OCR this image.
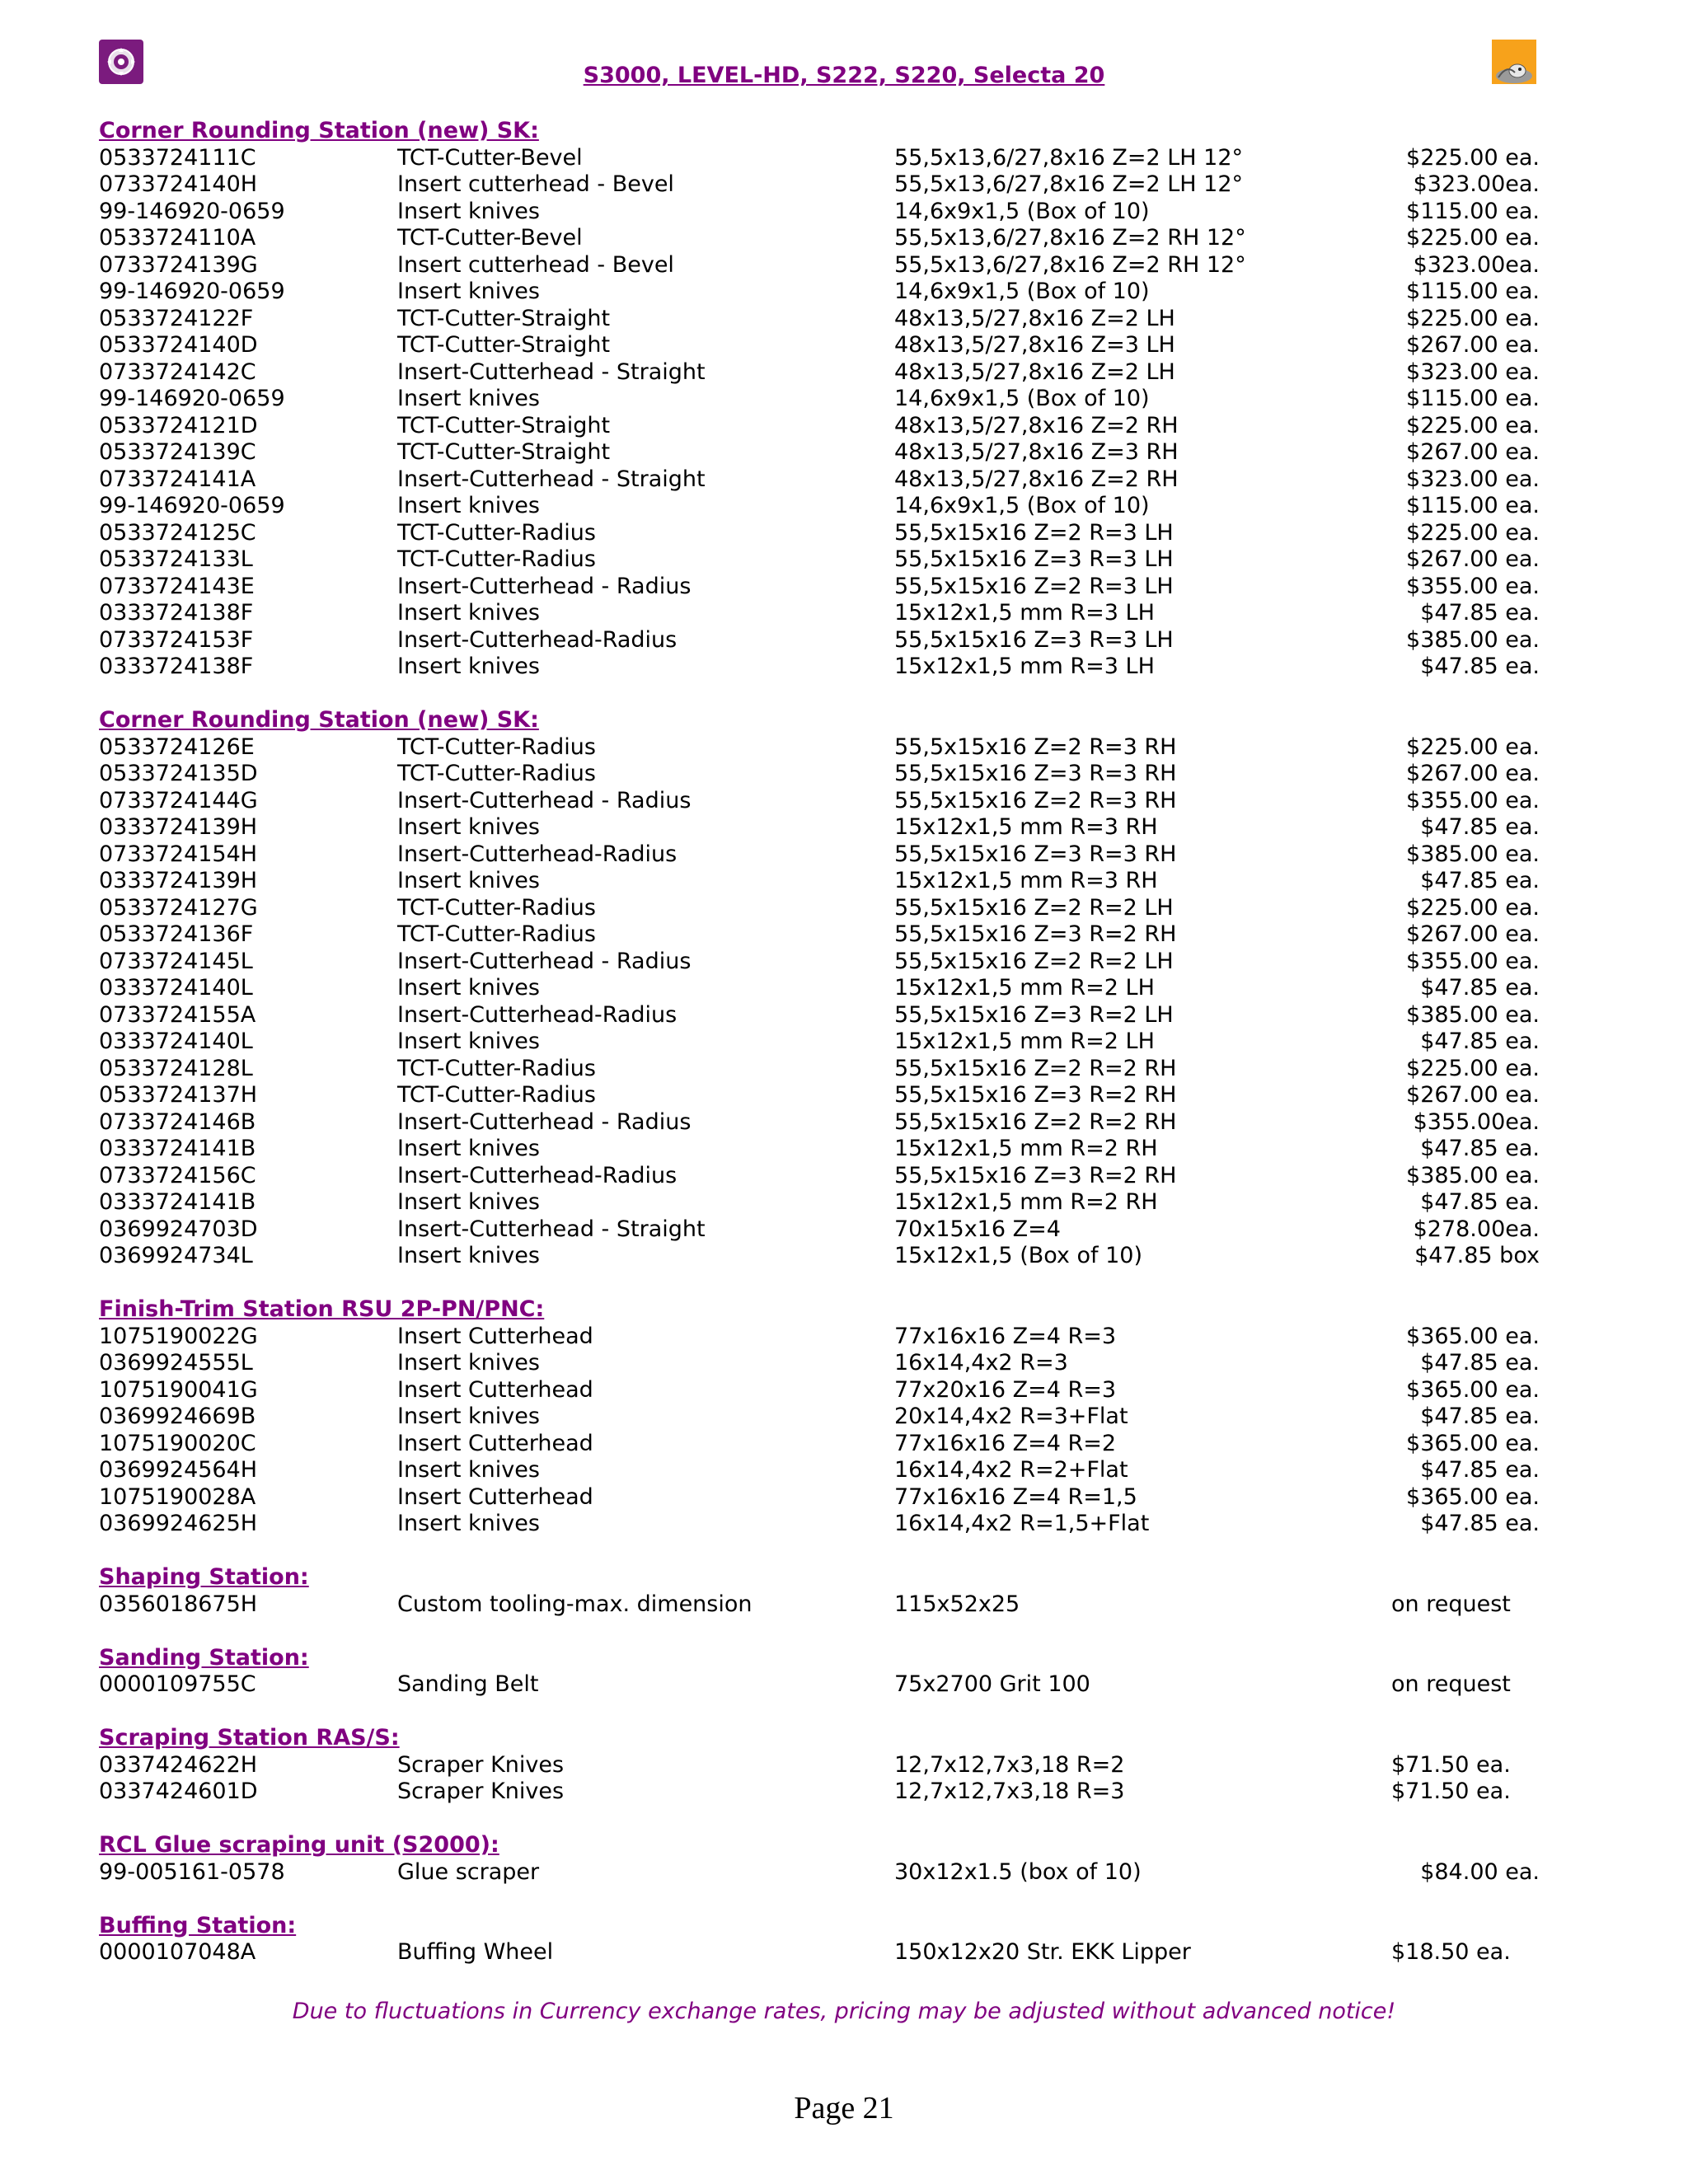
S3000, LEVEL-HD, S222, S220, Selecta 20
Corner Rounding Station (new) SK:
0533724111C	TCT-Cutter-Bevel	55,5x13,6/27,8x16 Z=2 LH 12°	$225.00 ea.
0733724140H	Insert cutterhead - Bevel	55,5x13,6/27,8x16 Z=2 LH 12°	$323.00ea.
99-146920-0659	Insert knives	14,6x9x1,5 (Box of 10)	$115.00 ea.
0533724110A	TCT-Cutter-Bevel	55,5x13,6/27,8x16 Z=2 RH 12°	$225.00 ea.
0733724139G	Insert cutterhead - Bevel	55,5x13,6/27,8x16 Z=2 RH 12°	$323.00ea.
99-146920-0659	Insert knives	14,6x9x1,5 (Box of 10)	$115.00 ea.
0533724122F	TCT-Cutter-Straight	48x13,5/27,8x16 Z=2 LH	$225.00 ea.
0533724140D	TCT-Cutter-Straight	48x13,5/27,8x16 Z=3 LH	$267.00 ea.
0733724142C	Insert-Cutterhead - Straight	48x13,5/27,8x16 Z=2 LH	$323.00 ea.
99-146920-0659	Insert knives	14,6x9x1,5 (Box of 10)	$115.00 ea.
0533724121D	TCT-Cutter-Straight	48x13,5/27,8x16 Z=2 RH	$225.00 ea.
0533724139C	TCT-Cutter-Straight	48x13,5/27,8x16 Z=3 RH	$267.00 ea.
0733724141A	Insert-Cutterhead - Straight	48x13,5/27,8x16 Z=2 RH	$323.00 ea.
99-146920-0659	Insert knives	14,6x9x1,5 (Box of 10)	$115.00 ea.
0533724125C	TCT-Cutter-Radius	55,5x15x16 Z=2 R=3 LH	$225.00 ea.
0533724133L	TCT-Cutter-Radius	55,5x15x16 Z=3 R=3 LH	$267.00 ea.
0733724143E	Insert-Cutterhead - Radius	55,5x15x16 Z=2 R=3 LH	$355.00 ea.
0333724138F	Insert knives	15x12x1,5 mm R=3 LH	$47.85 ea.
0733724153F	Insert-Cutterhead-Radius	55,5x15x16 Z=3 R=3 LH	$385.00 ea.
0333724138F	Insert knives	15x12x1,5 mm R=3 LH	$47.85 ea.
Corner Rounding Station (new) SK:
0533724126E	TCT-Cutter-Radius	55,5x15x16 Z=2 R=3 RH	$225.00 ea.
0533724135D	TCT-Cutter-Radius	55,5x15x16 Z=3 R=3 RH	$267.00 ea.
0733724144G	Insert-Cutterhead - Radius	55,5x15x16 Z=2 R=3 RH	$355.00 ea.
0333724139H	Insert knives	15x12x1,5 mm R=3 RH	$47.85 ea.
0733724154H	Insert-Cutterhead-Radius	55,5x15x16 Z=3 R=3 RH	$385.00 ea.
0333724139H	Insert knives	15x12x1,5 mm R=3 RH	$47.85 ea.
0533724127G	TCT-Cutter-Radius	55,5x15x16 Z=2 R=2 LH	$225.00 ea.
0533724136F	TCT-Cutter-Radius	55,5x15x16 Z=3 R=2 RH	$267.00 ea.
0733724145L	Insert-Cutterhead - Radius	55,5x15x16 Z=2 R=2 LH	$355.00 ea.
0333724140L	Insert knives	15x12x1,5 mm R=2 LH	$47.85 ea.
0733724155A	Insert-Cutterhead-Radius	55,5x15x16 Z=3 R=2 LH	$385.00 ea.
0333724140L	Insert knives	15x12x1,5 mm R=2 LH	$47.85 ea.
0533724128L	TCT-Cutter-Radius	55,5x15x16 Z=2 R=2 RH	$225.00 ea.
0533724137H	TCT-Cutter-Radius	55,5x15x16 Z=3 R=2 RH	$267.00 ea.
0733724146B	Insert-Cutterhead - Radius	55,5x15x16 Z=2 R=2 RH	$355.00ea.
0333724141B	Insert knives	15x12x1,5 mm R=2 RH	$47.85 ea.
0733724156C	Insert-Cutterhead-Radius	55,5x15x16 Z=3 R=2 RH	$385.00 ea.
0333724141B	Insert knives	15x12x1,5 mm R=2 RH	$47.85 ea.
0369924703D	Insert-Cutterhead - Straight	70x15x16 Z=4	$278.00ea.
0369924734L	Insert knives	15x12x1,5 (Box of 10)	$47.85 box
Finish-Trim Station RSU 2P-PN/PNC:
1075190022G	Insert Cutterhead	77x16x16 Z=4 R=3	$365.00 ea.
0369924555L	Insert knives	16x14,4x2 R=3	$47.85 ea.
1075190041G	Insert Cutterhead	77x20x16 Z=4 R=3	$365.00 ea.
0369924669B	Insert knives	20x14,4x2 R=3+Flat	$47.85 ea.
1075190020C	Insert Cutterhead	77x16x16 Z=4 R=2	$365.00 ea.
0369924564H	Insert knives	16x14,4x2 R=2+Flat	$47.85 ea.
1075190028A	Insert Cutterhead	77x16x16 Z=4 R=1,5	$365.00 ea.
0369924625H	Insert knives	16x14,4x2 R=1,5+Flat	$47.85 ea.
Shaping Station:
0356018675H	Custom tooling-max. dimension	115x52x25	on request
Sanding Station:
0000109755C	Sanding Belt	75x2700 Grit 100	on request
Scraping Station RAS/S:
0337424622H	Scraper Knives	12,7x12,7x3,18 R=2	$71.50 ea.
0337424601D	Scraper Knives	12,7x12,7x3,18 R=3	$71.50 ea.
RCL Glue scraping unit (S2000):
99-005161-0578	Glue scraper	30x12x1.5 (box of 10)	$84.00 ea.
Buffing Station:
0000107048A	Buffing Wheel	150x12x20 Str. EKK Lipper	$18.50 ea.
Due to fluctuations in Currency exchange rates, pricing may be adjusted without advanced notice!
Page 21
